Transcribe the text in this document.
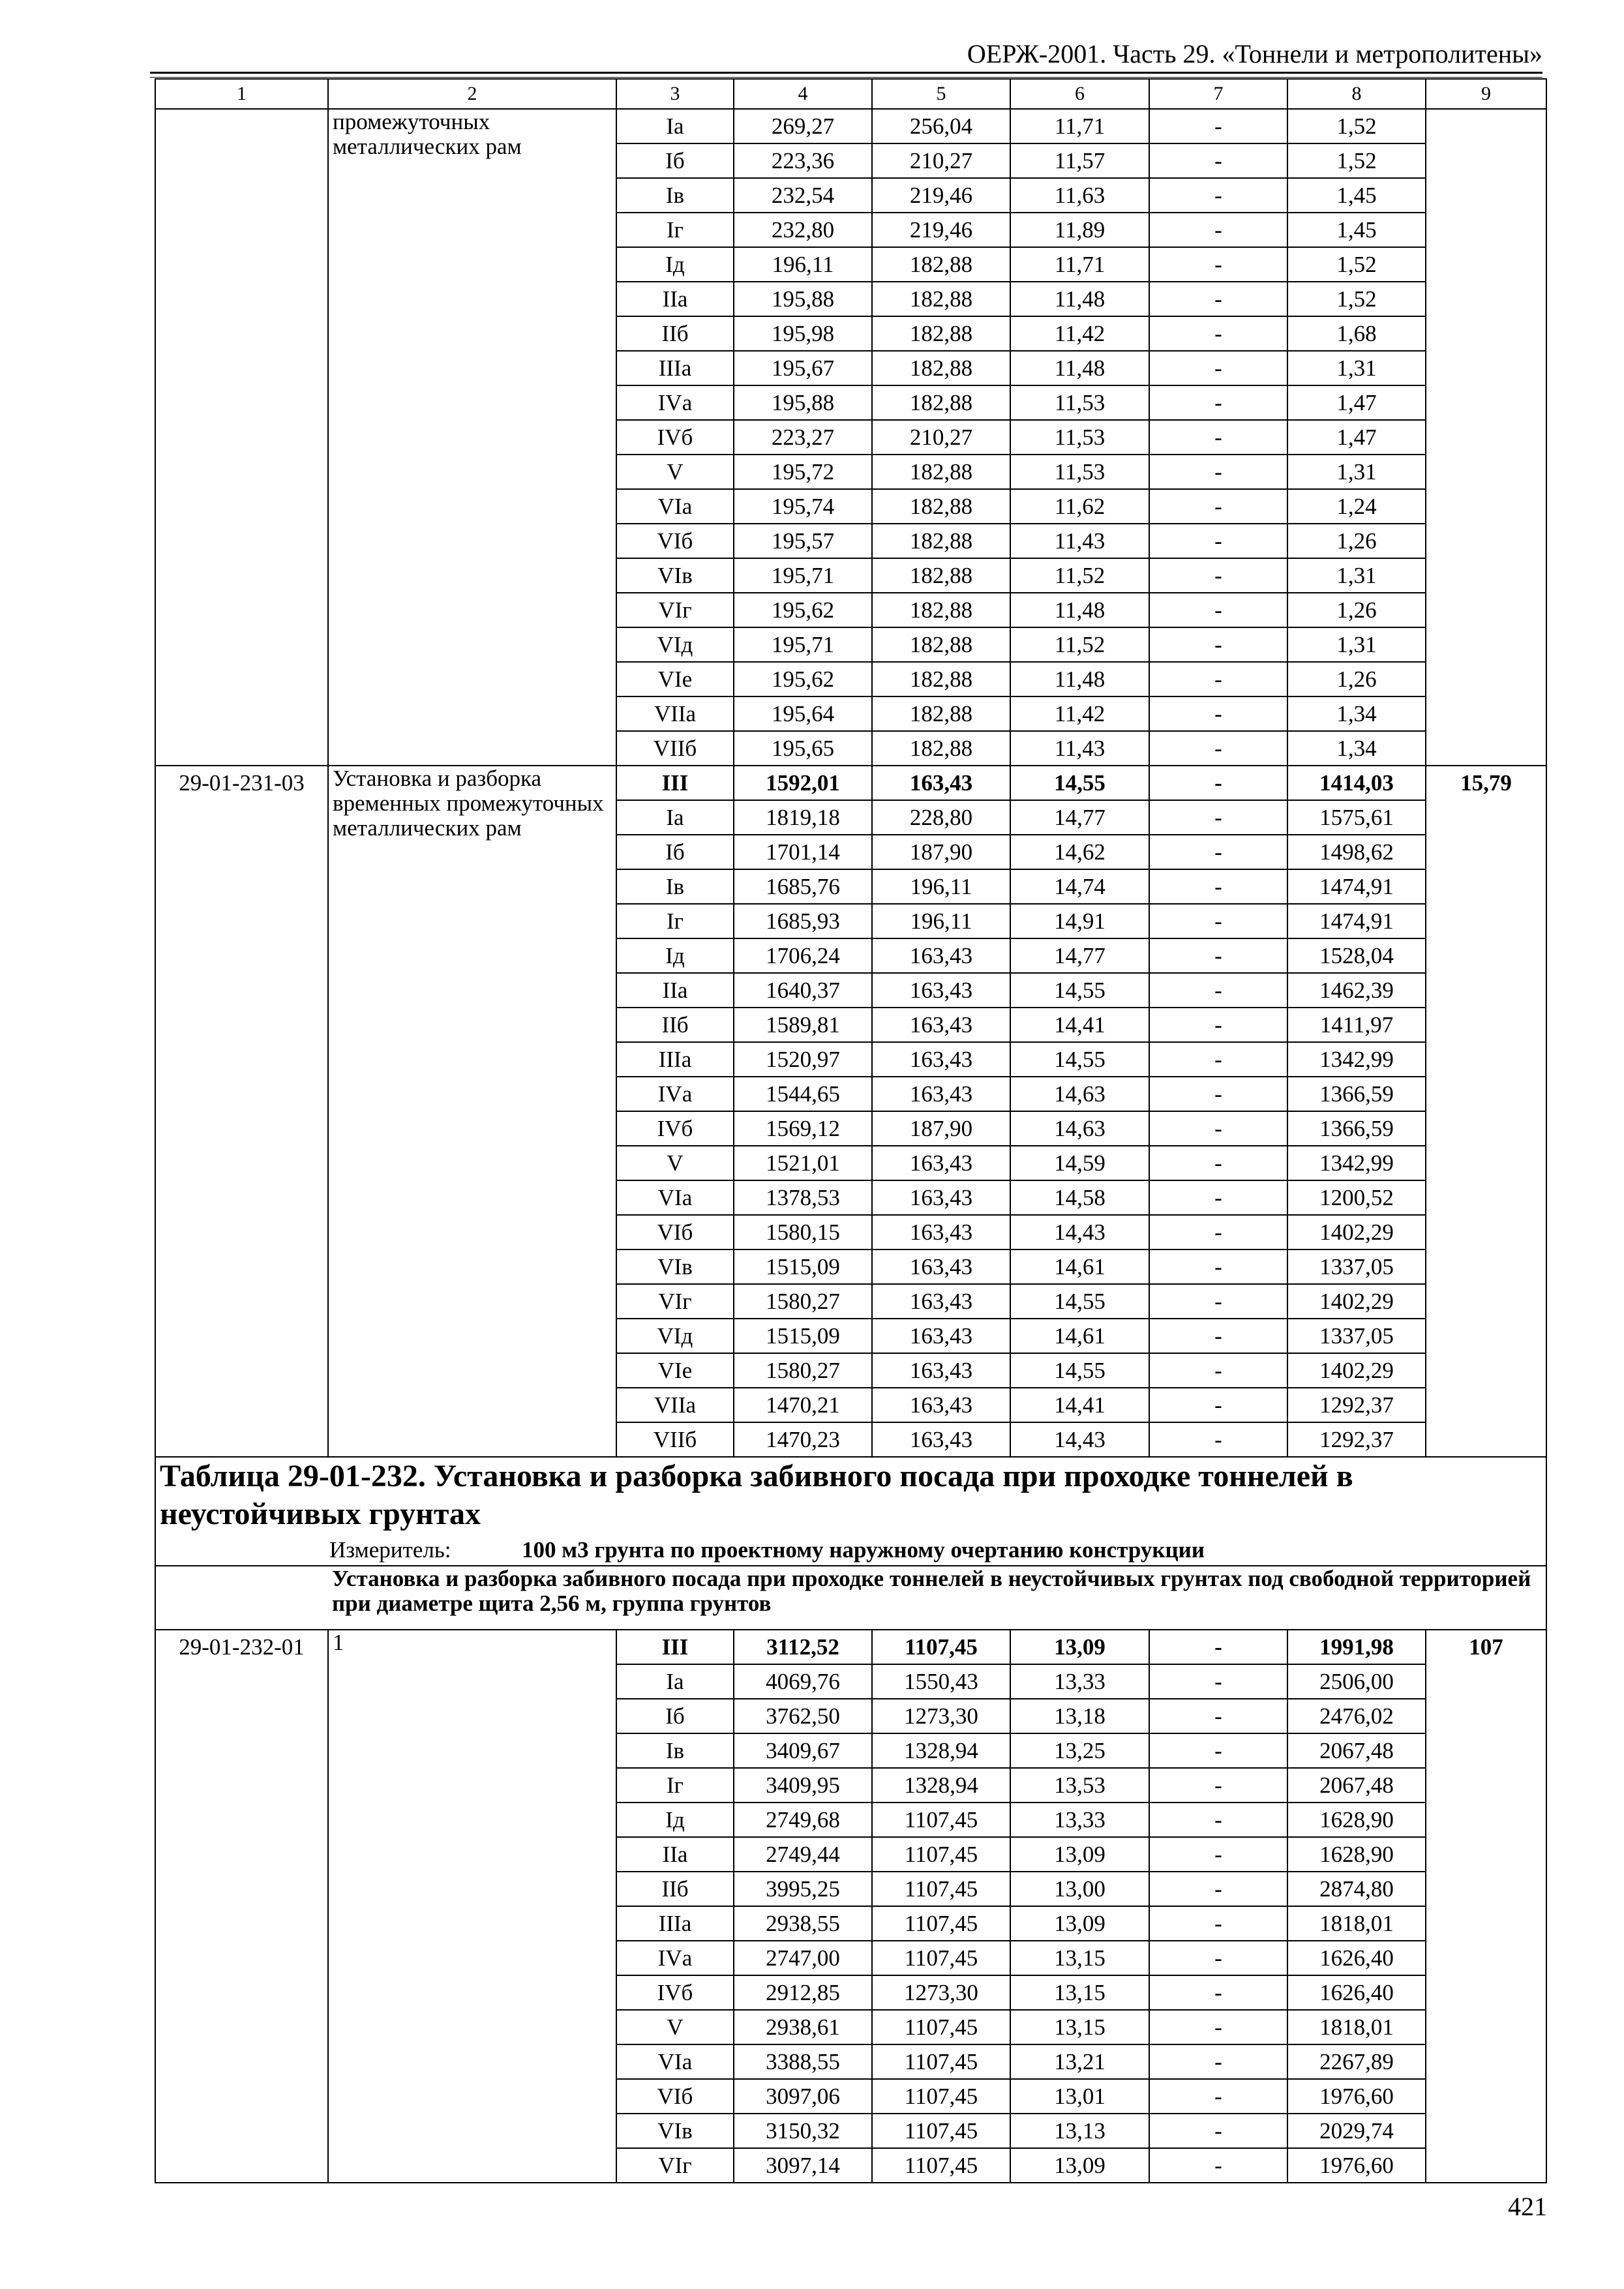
ОЕРЖ-2001. Часть 29. «Тоннели и метрополитены»
1	2	3	4	5	6	7	8	9
	промежуточных металлических рам	Iа	269,27	256,04	11,71	-	1,52	
		Iб	223,36	210,27	11,57	-	1,52	
		Iв	232,54	219,46	11,63	-	1,45	
		Iг	232,80	219,46	11,89	-	1,45	
		Iд	196,11	182,88	11,71	-	1,52	
		IIа	195,88	182,88	11,48	-	1,52	
		IIб	195,98	182,88	11,42	-	1,68	
		IIIа	195,67	182,88	11,48	-	1,31	
		IVа	195,88	182,88	11,53	-	1,47	
		IVб	223,27	210,27	11,53	-	1,47	
		V	195,72	182,88	11,53	-	1,31	
		VIа	195,74	182,88	11,62	-	1,24	
		VIб	195,57	182,88	11,43	-	1,26	
		VIв	195,71	182,88	11,52	-	1,31	
		VIг	195,62	182,88	11,48	-	1,26	
		VIд	195,71	182,88	11,52	-	1,31	
		VIе	195,62	182,88	11,48	-	1,26	
		VIIа	195,64	182,88	11,42	-	1,34	
		VIIб	195,65	182,88	11,43	-	1,34	
29-01-231-03	Установка и разборка временных промежуточных металлических рам	III	1592,01	163,43	14,55	-	1414,03	15,79
		Iа	1819,18	228,80	14,77	-	1575,61	
		Iб	1701,14	187,90	14,62	-	1498,62	
		Iв	1685,76	196,11	14,74	-	1474,91	
		Iг	1685,93	196,11	14,91	-	1474,91	
		Iд	1706,24	163,43	14,77	-	1528,04	
		IIа	1640,37	163,43	14,55	-	1462,39	
		IIб	1589,81	163,43	14,41	-	1411,97	
		IIIа	1520,97	163,43	14,55	-	1342,99	
		IVа	1544,65	163,43	14,63	-	1366,59	
		IVб	1569,12	187,90	14,63	-	1366,59	
		V	1521,01	163,43	14,59	-	1342,99	
		VIа	1378,53	163,43	14,58	-	1200,52	
		VIб	1580,15	163,43	14,43	-	1402,29	
		VIв	1515,09	163,43	14,61	-	1337,05	
		VIг	1580,27	163,43	14,55	-	1402,29	
		VIд	1515,09	163,43	14,61	-	1337,05	
		VIе	1580,27	163,43	14,55	-	1402,29	
		VIIа	1470,21	163,43	14,41	-	1292,37	
		VIIб	1470,23	163,43	14,43	-	1292,37	

Таблица 29-01-232. Установка и разборка забивного посада при проходке тоннелей в неустойчивых грунтах
Измеритель: 100 м3 грунта по проектному наружному очертанию конструкции								

Установка и разборка забивного посада при проходке тоннелей в неустойчивых грунтах под свободной территорией при диаметре щита 2,56 м, группа грунтов								
29-01-232-01	1	III	3112,52	1107,45	13,09	-	1991,98	107
		Iа	4069,76	1550,43	13,33	-	2506,00	
		Iб	3762,50	1273,30	13,18	-	2476,02	
		Iв	3409,67	1328,94	13,25	-	2067,48	
		Iг	3409,95	1328,94	13,53	-	2067,48	
		Iд	2749,68	1107,45	13,33	-	1628,90	
		IIа	2749,44	1107,45	13,09	-	1628,90	
		IIб	3995,25	1107,45	13,00	-	2874,80	
		IIIа	2938,55	1107,45	13,09	-	1818,01	
		IVа	2747,00	1107,45	13,15	-	1626,40	
		IVб	2912,85	1273,30	13,15	-	1626,40	
		V	2938,61	1107,45	13,15	-	1818,01	
		VIа	3388,55	1107,45	13,21	-	2267,89	
		VIб	3097,06	1107,45	13,01	-	1976,60	
		VIв	3150,32	1107,45	13,13	-	2029,74	
		VIг	3097,14	1107,45	13,09	-	1976,60	
421
